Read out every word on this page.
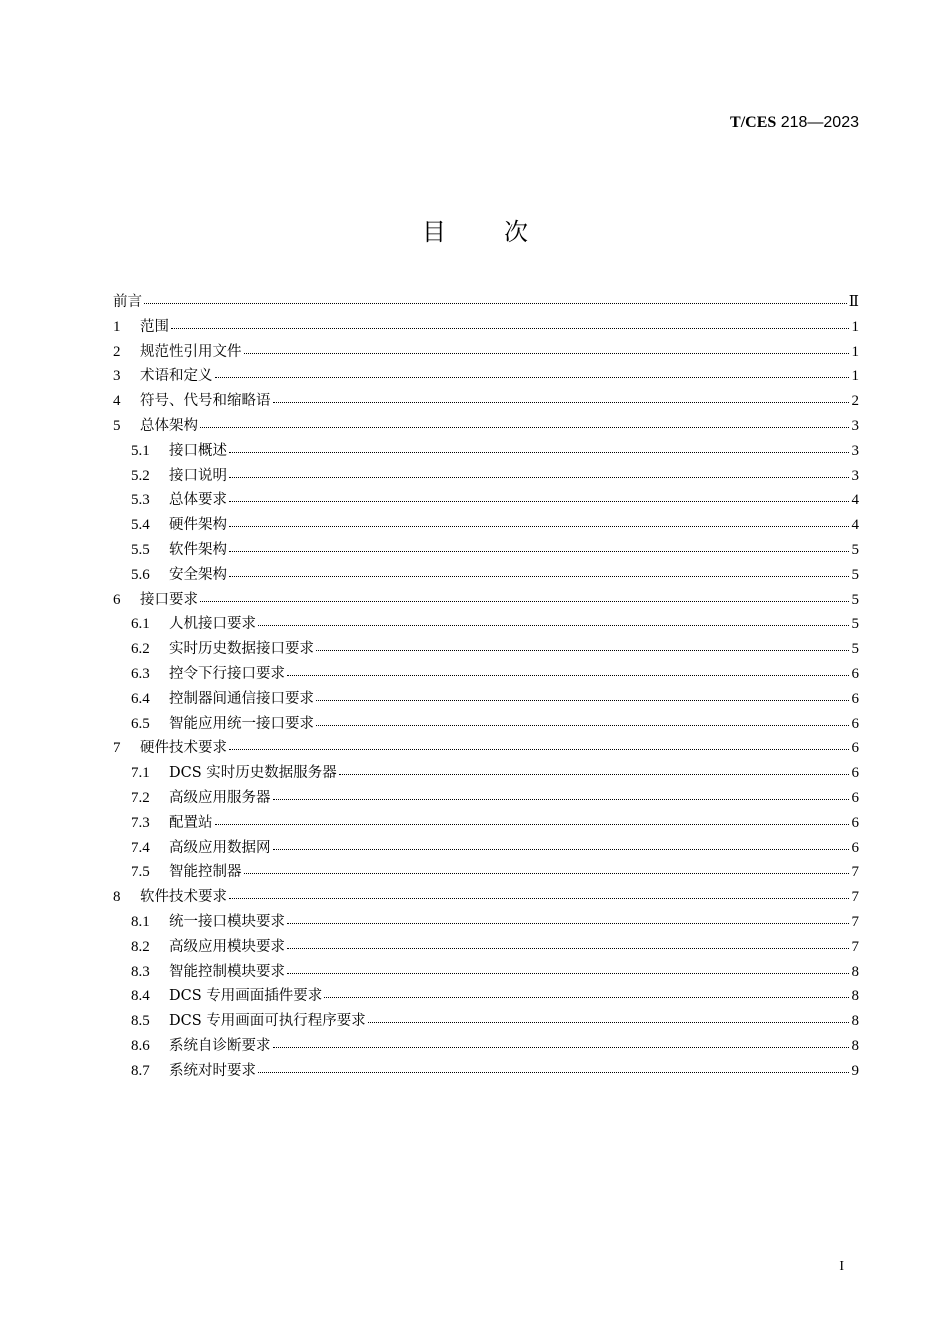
T/CES 218—2023
目次
前言	Ⅱ
1	范围	1
2	规范性引用文件	1
3	术语和定义	1
4	符号、代号和缩略语	2
5	总体架构	3
5.1	接口概述	3
5.2	接口说明	3
5.3	总体要求	4
5.4	硬件架构	4
5.5	软件架构	5
5.6	安全架构	5
6	接口要求	5
6.1	人机接口要求	5
6.2	实时历史数据接口要求	5
6.3	控令下行接口要求	6
6.4	控制器间通信接口要求	6
6.5	智能应用统一接口要求	6
7	硬件技术要求	6
7.1	DCS 实时历史数据服务器	6
7.2	高级应用服务器	6
7.3	配置站	6
7.4	高级应用数据网	6
7.5	智能控制器	7
8	软件技术要求	7
8.1	统一接口模块要求	7
8.2	高级应用模块要求	7
8.3	智能控制模块要求	8
8.4	DCS 专用画面插件要求	8
8.5	DCS 专用画面可执行程序要求	8
8.6	系统自诊断要求	8
8.7	系统对时要求	9
I
